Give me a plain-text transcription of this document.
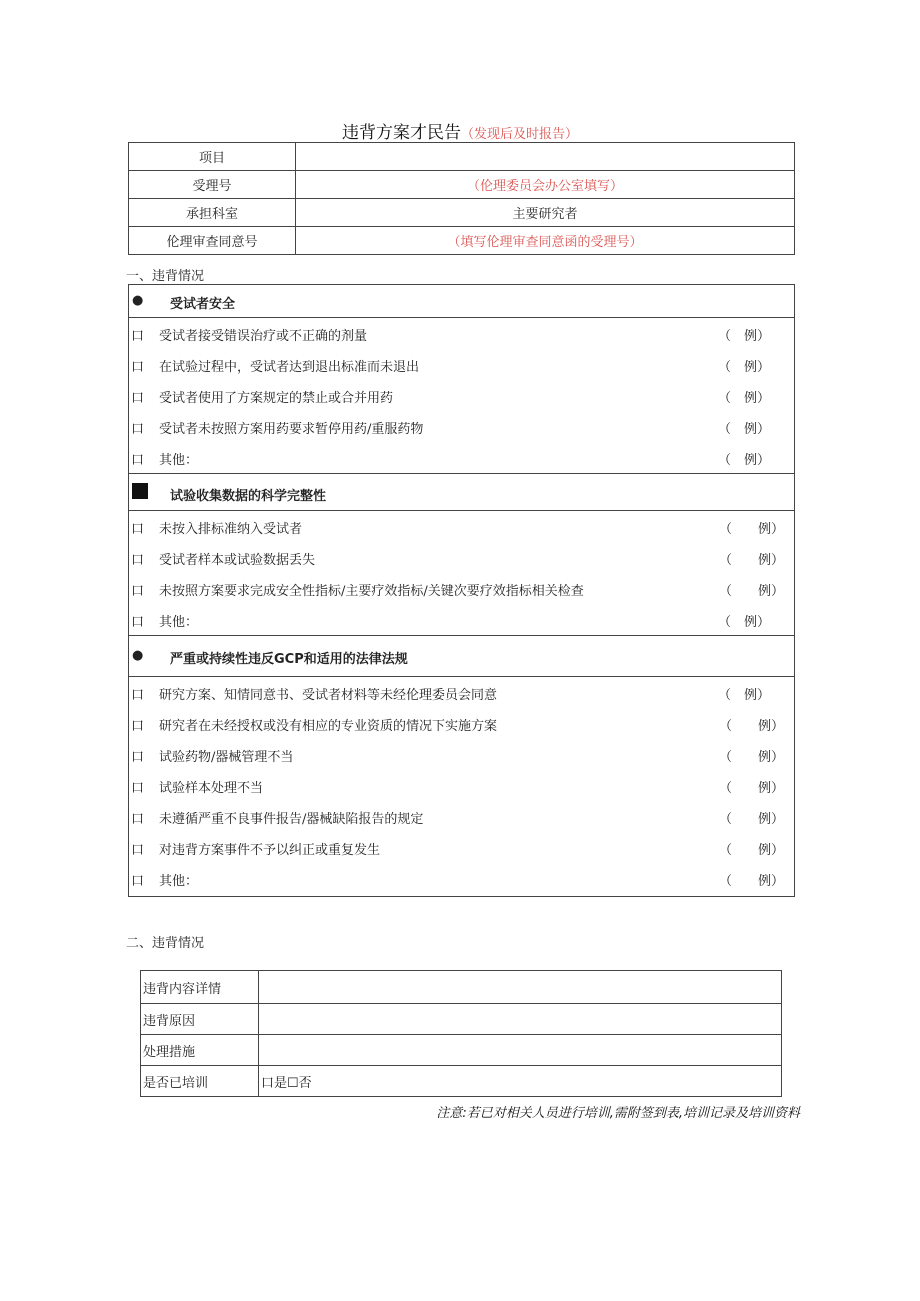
违背方案才民告（发现后及时报告）
项目	
受理号	（伦理委员会办公室填写）
承担科室	主要研究者
伦理审查同意号	（填写伦理审查同意函的受理号）
一、违背情况
● 受试者安全
口 受试者接受错误治疗或不正确的剂量	（　例）
口 在试验过程中，受试者达到退出标准而未退出	（　例）
口 受试者使用了方案规定的禁止或合并用药	（　例）
口 受试者未按照方案用药要求暂停用药/重服药物	（　例）
口 其他：	（　例）
试验收集数据的科学完整性
口 未按入排标准纳入受试者	（　　例）
口 受试者样本或试验数据丢失	（　　例）
口 未按照方案要求完成安全性指标/主要疗效指标/关键次要疗效指标相关检查	（　　例）
口 其他：	（　例）
● 严重或持续性违反GCP和适用的法律法规
口 研究方案、知情同意书、受试者材料等未经伦理委员会同意	（　例）
口 研究者在未经授权或没有相应的专业资质的情况下实施方案	（　　例）
口 试验药物/器械管理不当	（　　例）
口 试验样本处理不当	（　　例）
口 未遵循严重不良事件报告/器械缺陷报告的规定	（　　例）
口 对违背方案事件不予以纠正或重复发生	（　　例）
口 其他：	（　　例）
二、违背情况
违背内容详情	
违背原因	
处理措施	
是否已培训	口是☐否
注意:若已对相关人员进行培训,需附签到表,培训记录及培训资料
